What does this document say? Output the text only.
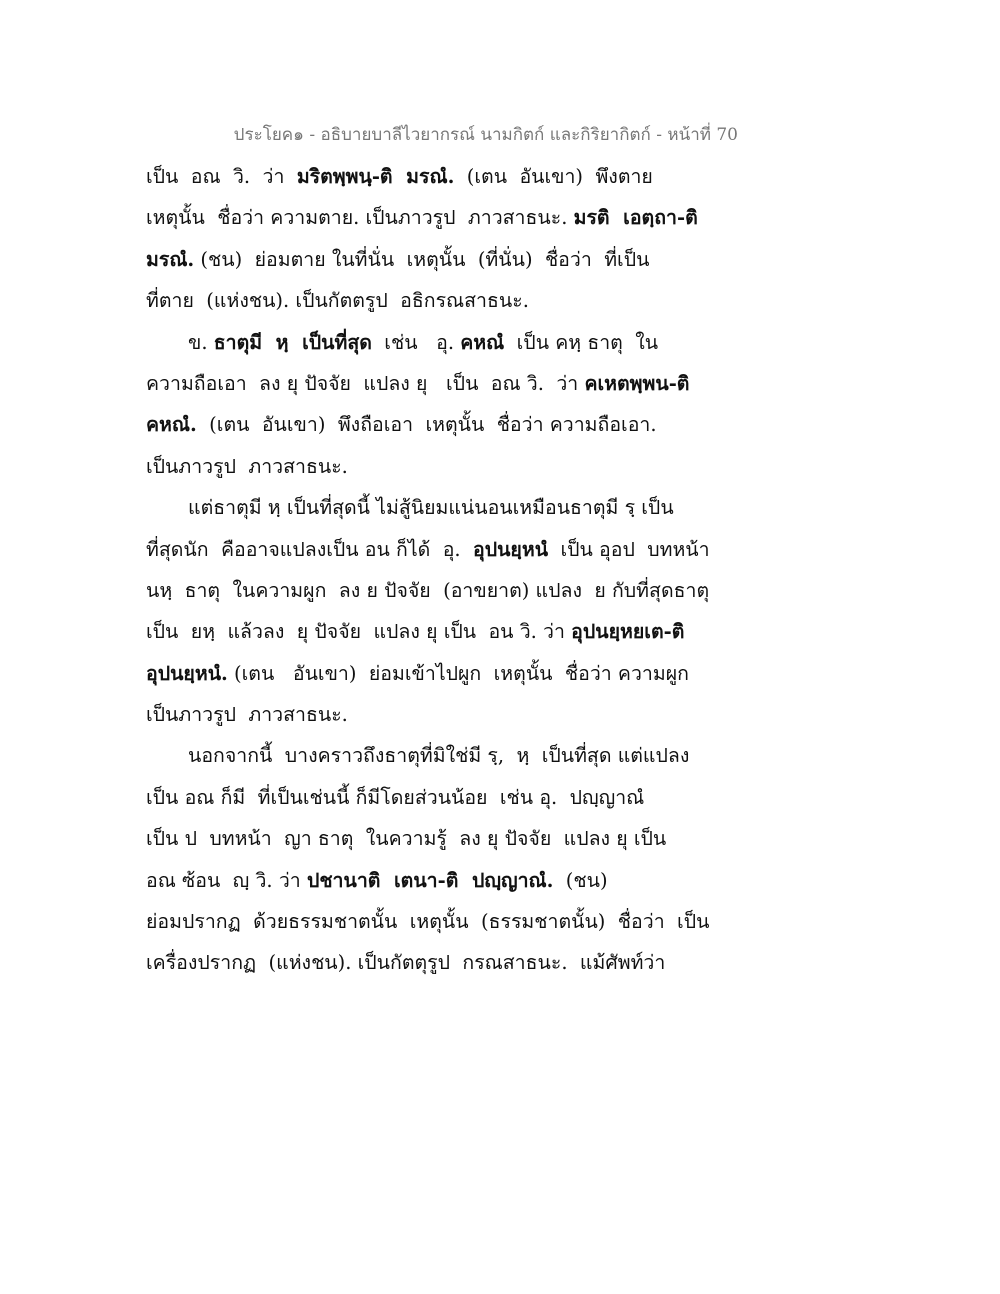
ประโยค๑ - อธิบายบาลีไวยากรณ์ นามกิตก์ และกิริยากิตก์ - หน้าที่ 70
เป็น  อณ  วิ.  ว่า  มริตพฺพนฺ-ติ  มรณํ.  (เตน  อันเขา)  พึงตาย
เหตุนั้น  ชื่อว่า ความตาย. เป็นภาวรูป  ภาวสาธนะ. มรติ  เอตฺถา-ติ
มรณํ. (ชน)  ย่อมตาย ในที่นั่น  เหตุนั้น  (ที่นั่น)  ชื่อว่า  ที่เป็น
ที่ตาย  (แห่งชน). เป็นกัตตรูป  อธิกรณสาธนะ.
ข. ธาตุมี  หฺ  เป็นที่สุด  เช่น   อุ. คหณํ  เป็น คหฺ ธาตุ  ใน
ความถือเอา  ลง ยุ ปัจจัย  แปลง ยุ   เป็น  อณ วิ.  ว่า คเหตพฺพน-ติ
คหณํ.  (เตน  อันเขา)  พึงถือเอา  เหตุนั้น  ชื่อว่า ความถือเอา.
เป็นภาวรูป  ภาวสาธนะ.
แต่ธาตุมี หฺ เป็นที่สุดนี้ ไม่สู้นิยมแน่นอนเหมือนธาตุมี รฺ เป็น
ที่สุดนัก  คืออาจแปลงเป็น อน ก็ได้  อุ.  อุปนยฺหนํ  เป็น อุอป  บทหน้า
นหฺ  ธาตุ  ในความผูก  ลง ย ปัจจัย  (อาขยาต) แปลง  ย กับที่สุดธาตุ
เป็น  ยหฺ  แล้วลง  ยุ ปัจจัย  แปลง ยุ เป็น  อน วิ. ว่า อุปนยฺหยเต-ติ
อุปนยฺหนํ. (เตน   อันเขา)  ย่อมเข้าไปผูก  เหตุนั้น  ชื่อว่า ความผูก
เป็นภาวรูป  ภาวสาธนะ.
นอกจากนี้  บางคราวถึงธาตุที่มิใช่มี รฺ,  หฺ  เป็นที่สุด แต่แปลง
เป็น อณ ก็มี  ที่เป็นเช่นนี้ ก็มีโดยส่วนน้อย  เช่น อุ.  ปญฺญาณํ
เป็น ป  บทหน้า  ญา ธาตุ  ในความรู้  ลง ยุ ปัจจัย  แปลง ยุ เป็น
อณ ซ้อน  ญฺ วิ. ว่า ปชานาติ  เตนา-ติ  ปญฺญาณํ.  (ชน)
ย่อมปรากฏ  ด้วยธรรมชาตนั้น  เหตุนั้น  (ธรรมชาตนั้น)  ชื่อว่า  เป็น
เครื่องปรากฏ  (แห่งชน). เป็นกัตตุรูป  กรณสาธนะ.  แม้ศัพท์ว่า
